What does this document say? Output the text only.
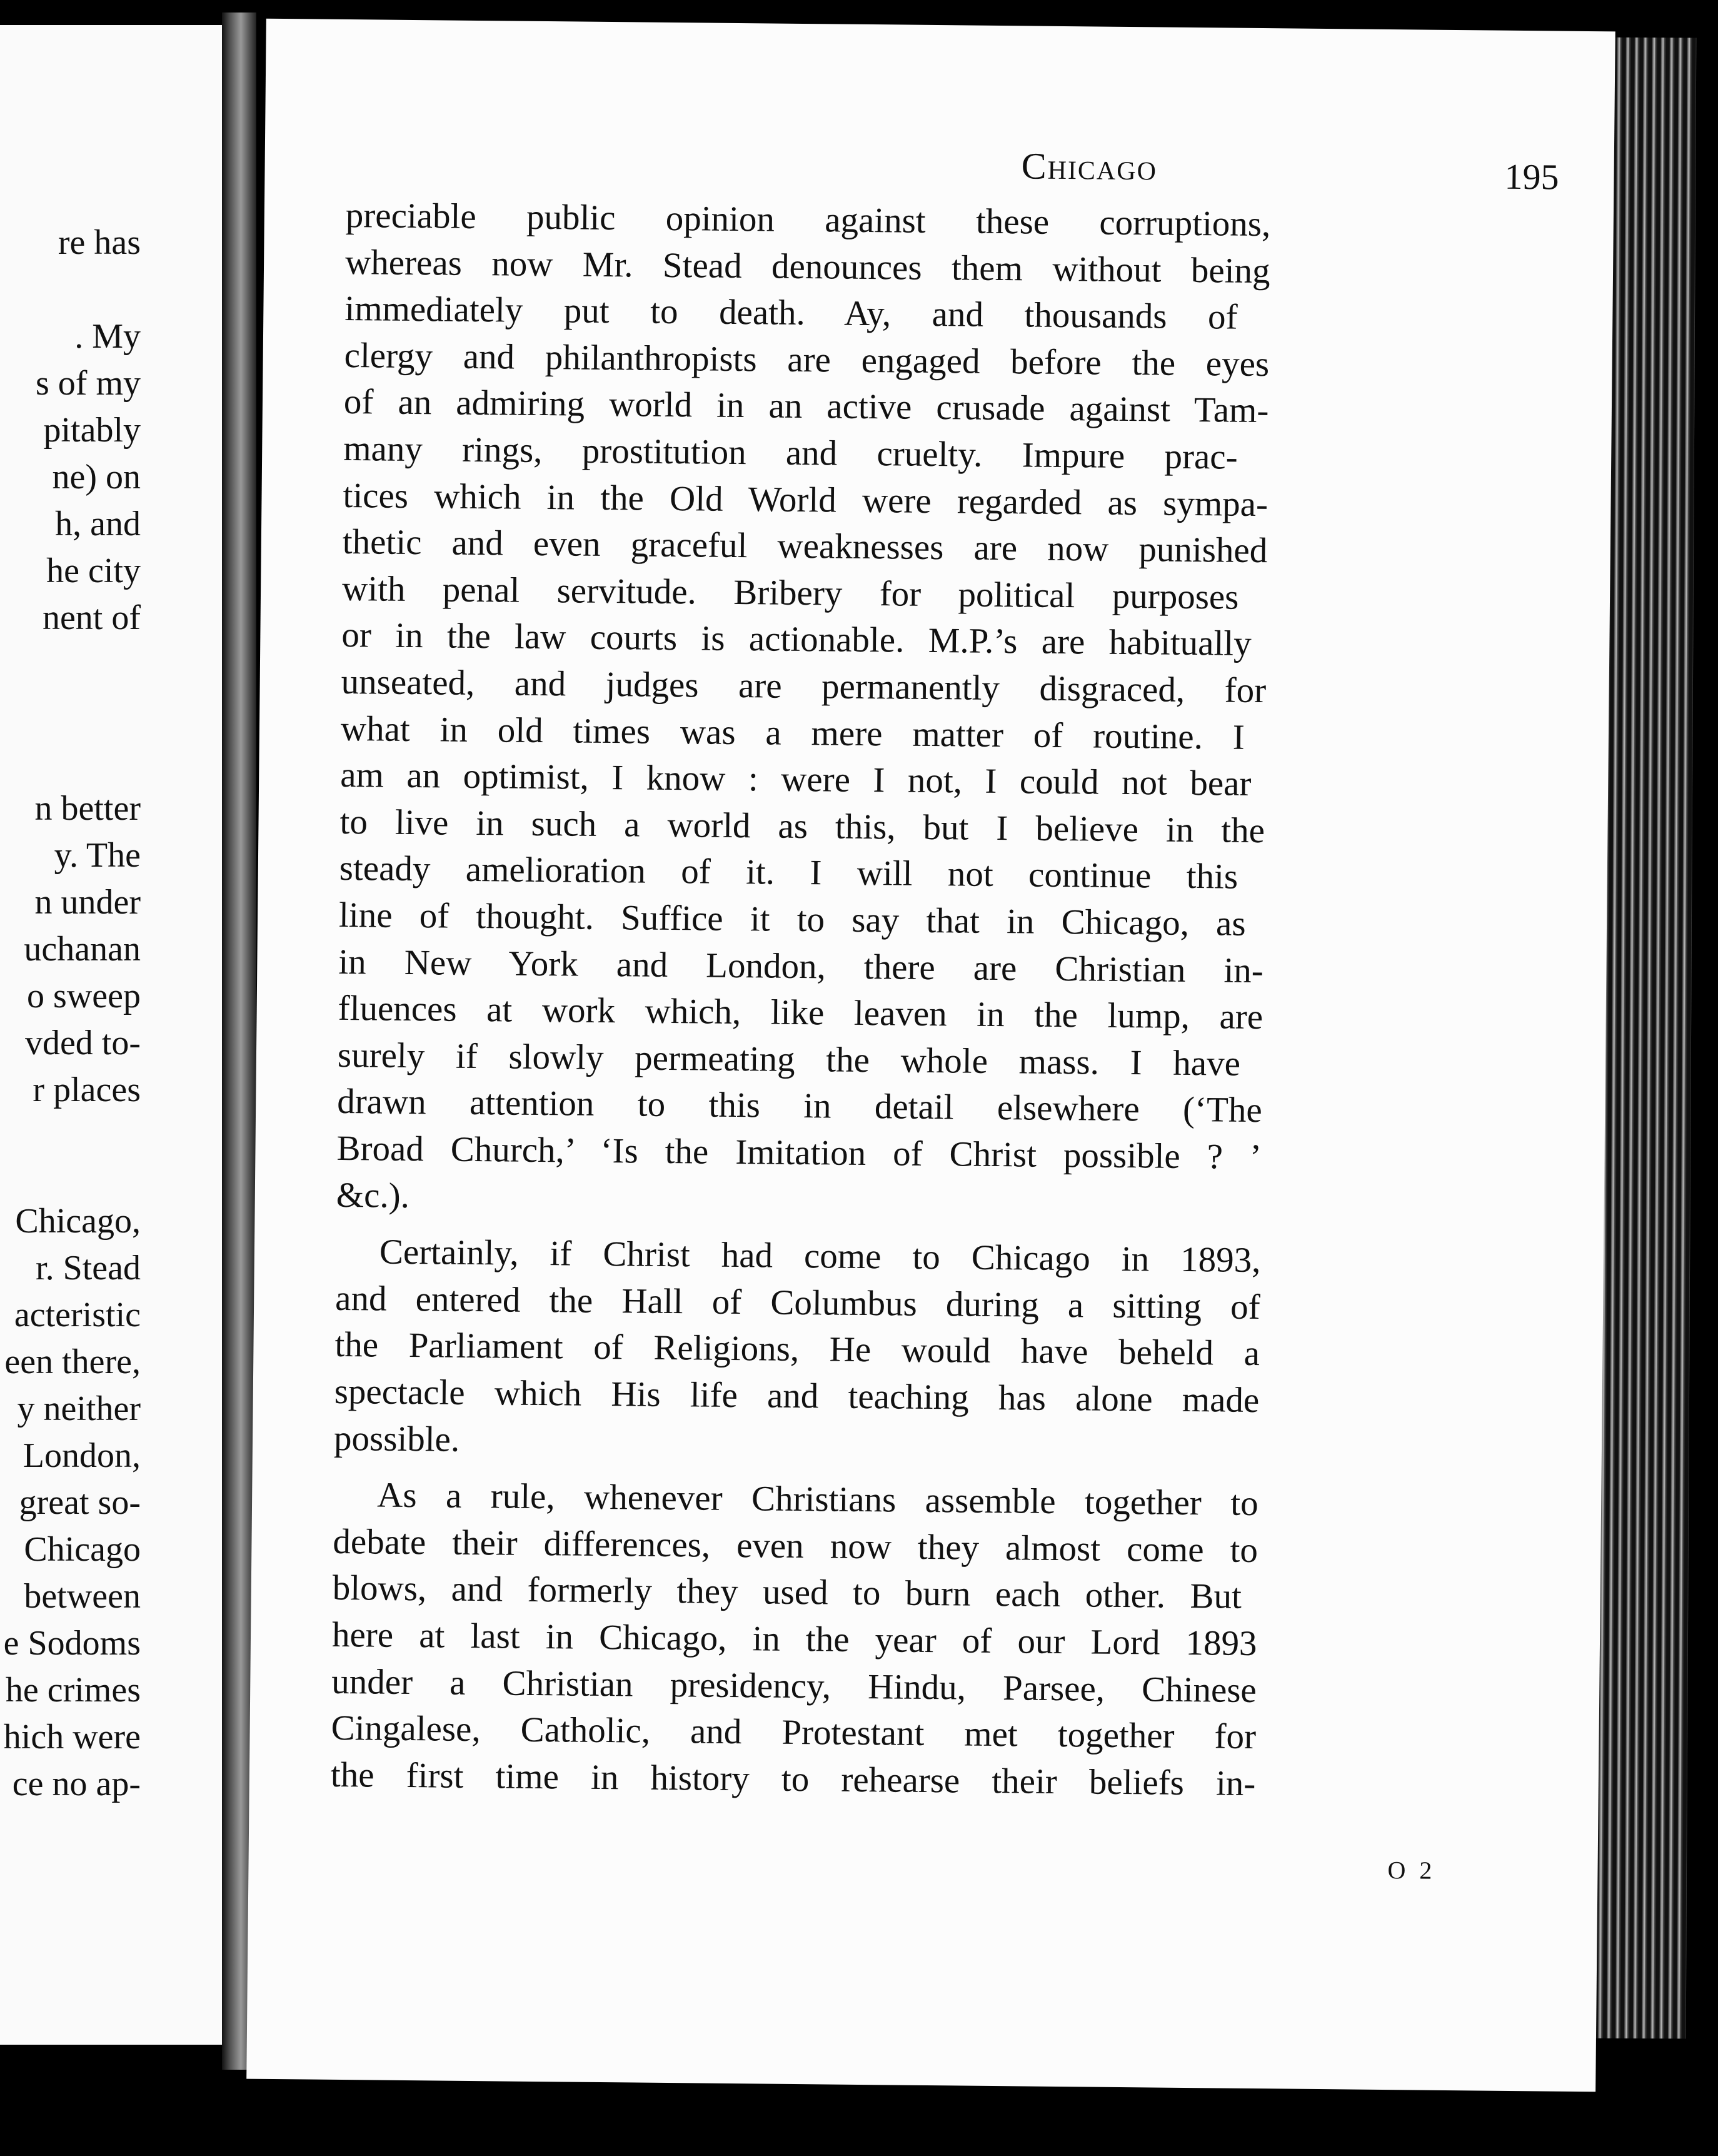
re has
. My
s of my
pitably
ne) on
h, and
he city
nent of
n better
y. The
n under
uchanan
o sweep
vded to-
r places
Chicago,
r. Stead
acteristic
een there,
y neither
London,
great so-
Chicago
between
e Sodoms
he crimes
hich were
ce no ap-
Chicago	195
preciable public opinion against these corruptions,
whereas now Mr. Stead denounces them without being
immediately put to death. Ay, and thousands of
clergy and philanthropists are engaged before the eyes
of an admiring world in an active crusade against Tam-
many rings, prostitution and cruelty. Impure prac-
tices which in the Old World were regarded as sympa-
thetic and even graceful weaknesses are now punished
with penal servitude. Bribery for political purposes
or in the law courts is actionable. M.P.’s are habitually
unseated, and judges are permanently disgraced, for
what in old times was a mere matter of routine. I
am an optimist, I know : were I not, I could not bear
to live in such a world as this, but I believe in the
steady amelioration of it. I will not continue this
line of thought. Suffice it to say that in Chicago, as
in New York and London, there are Christian in-
fluences at work which, like leaven in the lump, are
surely if slowly permeating the whole mass. I have
drawn attention to this in detail elsewhere (‘The
Broad Church,’ ‘Is the Imitation of Christ possible ? ’
&c.).
Certainly, if Christ had come to Chicago in 1893,
and entered the Hall of Columbus during a sitting of
the Parliament of Religions, He would have beheld a
spectacle which His life and teaching has alone made
possible.
As a rule, whenever Christians assemble together to
debate their differences, even now they almost come to
blows, and formerly they used to burn each other. But
here at last in Chicago, in the year of our Lord 1893
under a Christian presidency, Hindu, Parsee, Chinese
Cingalese, Catholic, and Protestant met together for
the first time in history to rehearse their beliefs in-
O 2
